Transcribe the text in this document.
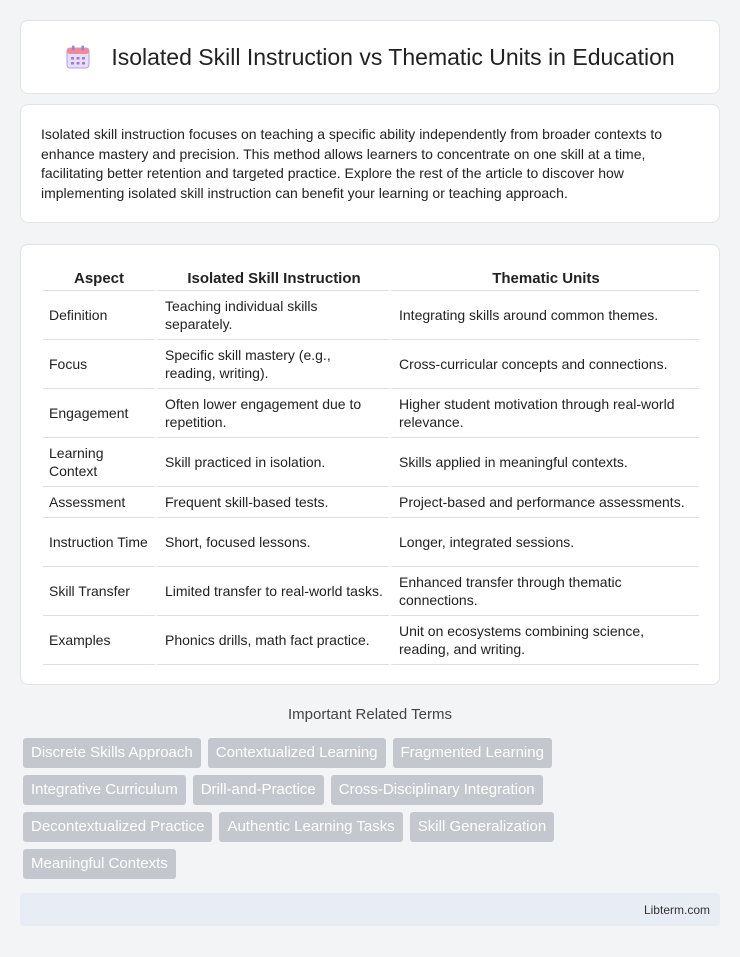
Isolated Skill Instruction vs Thematic Units in Education

Isolated skill instruction focuses on teaching a specific ability independently from broader contexts to enhance mastery and precision. This method allows learners to concentrate on one skill at a time, facilitating better retention and targeted practice. Explore the rest of the article to discover how implementing isolated skill instruction can benefit your learning or teaching approach.

Aspect	Isolated Skill Instruction	Thematic Units
Definition	Teaching individual skills separately.	Integrating skills around common themes.
Focus	Specific skill mastery (e.g., reading, writing).	Cross-curricular concepts and connections.
Engagement	Often lower engagement due to repetition.	Higher student motivation through real-world relevance.
Learning Context	Skill practiced in isolation.	Skills applied in meaningful contexts.
Assessment	Frequent skill-based tests.	Project-based and performance assessments.
Instruction Time	Short, focused lessons.	Longer, integrated sessions.
Skill Transfer	Limited transfer to real-world tasks.	Enhanced transfer through thematic connections.
Examples	Phonics drills, math fact practice.	Unit on ecosystems combining science, reading, and writing.
Important Related Terms
Discrete Skills Approach	Contextualized Learning	Fragmented Learning
Integrative Curriculum	Drill-and-Practice	Cross-Disciplinary Integration
Decontextualized Practice	Authentic Learning Tasks	Skill Generalization
Meaningful Contexts
Libterm.com
